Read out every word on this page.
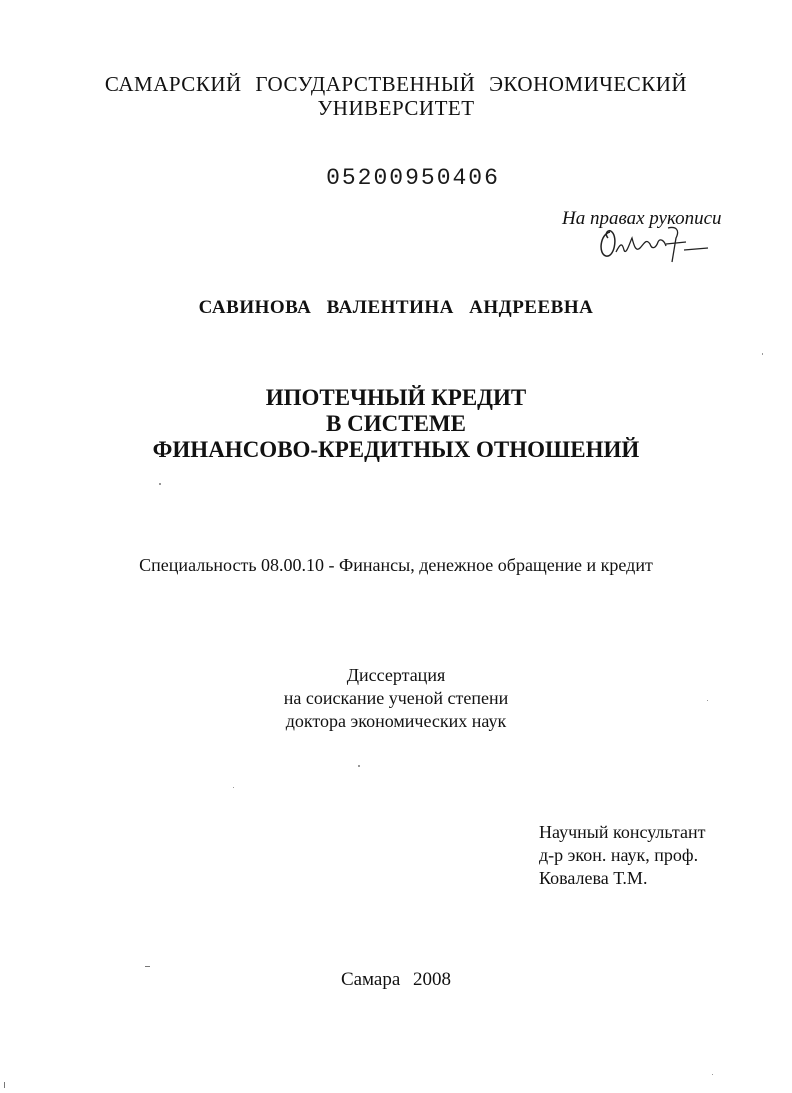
САМАРСКИЙ ГОСУДАРСТВЕННЫЙ ЭКОНОМИЧЕСКИЙ
УНИВЕРСИТЕТ
05200950406
На правах рукописи
САВИНОВА ВАЛЕНТИНА АНДРЕЕВНА
ИПОТЕЧНЫЙ КРЕДИТ
В СИСТЕМЕ
ФИНАНСОВО-КРЕДИТНЫХ ОТНОШЕНИЙ
Специальность 08.00.10 - Финансы, денежное обращение и кредит
Диссертация
на соискание ученой степени
доктора экономических наук
Научный консультант
д-р экон. наук, проф.
Ковалева Т.М.
Самара 2008
